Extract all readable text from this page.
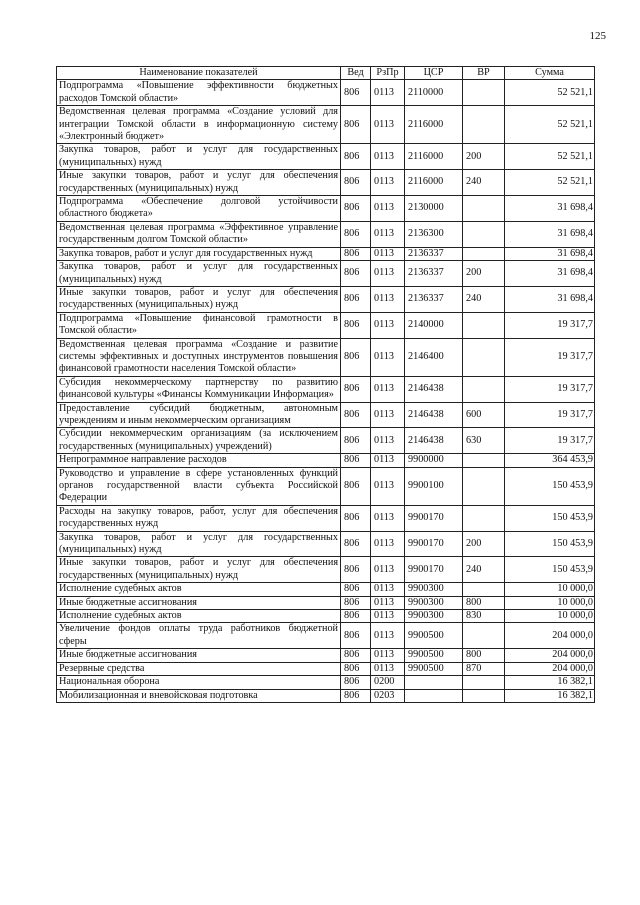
125
Наименование показателей	Вед	РзПр	ЦСР	ВР	Сумма
Подпрограмма «Повышение эффективности бюджетных расходов Томской области»	806	0113	2110000		52 521,1
Ведомственная целевая программа «Создание условий для интеграции Томской области в информационную систему «Электронный бюджет»	806	0113	2116000		52 521,1
Закупка товаров, работ и услуг для государственных (муниципальных) нужд	806	0113	2116000	200	52 521,1
Иные закупки товаров, работ и услуг для обеспечения государственных (муниципальных) нужд	806	0113	2116000	240	52 521,1
Подпрограмма «Обеспечение долговой устойчивости областного бюджета»	806	0113	2130000		31 698,4
Ведомственная целевая программа «Эффективное управление государственным долгом Томской области»	806	0113	2136300		31 698,4
Закупка товаров, работ и услуг для государственных нужд	806	0113	2136337		31 698,4
Закупка товаров, работ и услуг для государственных (муниципальных) нужд	806	0113	2136337	200	31 698,4
Иные закупки товаров, работ и услуг для обеспечения государственных (муниципальных) нужд	806	0113	2136337	240	31 698,4
Подпрограмма «Повышение финансовой грамотности в Томской области»	806	0113	2140000		19 317,7
Ведомственная целевая программа «Создание и развитие системы эффективных и доступных инструментов повышения финансовой грамотности населения Томской области»	806	0113	2146400		19 317,7
Субсидия некоммерческому партнерству по развитию финансовой культуры «Финансы Коммуникации Информация»	806	0113	2146438		19 317,7
Предоставление субсидий бюджетным, автономным учреждениям и иным некоммерческим организациям	806	0113	2146438	600	19 317,7
Субсидии некоммерческим организациям (за исключением государственных (муниципальных) учреждений)	806	0113	2146438	630	19 317,7
Непрограммное направление расходов	806	0113	9900000		364 453,9
Руководство и управление в сфере установленных функций органов государственной власти субъекта Российской Федерации	806	0113	9900100		150 453,9
Расходы на закупку товаров, работ, услуг для обеспечения государственных нужд	806	0113	9900170		150 453,9
Закупка товаров, работ и услуг для государственных (муниципальных) нужд	806	0113	9900170	200	150 453,9
Иные закупки товаров, работ и услуг для обеспечения государственных (муниципальных) нужд	806	0113	9900170	240	150 453,9
Исполнение судебных актов	806	0113	9900300		10 000,0
Иные бюджетные ассигнования	806	0113	9900300	800	10 000,0
Исполнение судебных актов	806	0113	9900300	830	10 000,0
Увеличение фондов оплаты труда работников бюджетной сферы	806	0113	9900500		204 000,0
Иные бюджетные ассигнования	806	0113	9900500	800	204 000,0
Резервные средства	806	0113	9900500	870	204 000,0
Национальная оборона	806	0200			16 382,1
Мобилизационная и вневойсковая подготовка	806	0203			16 382,1
